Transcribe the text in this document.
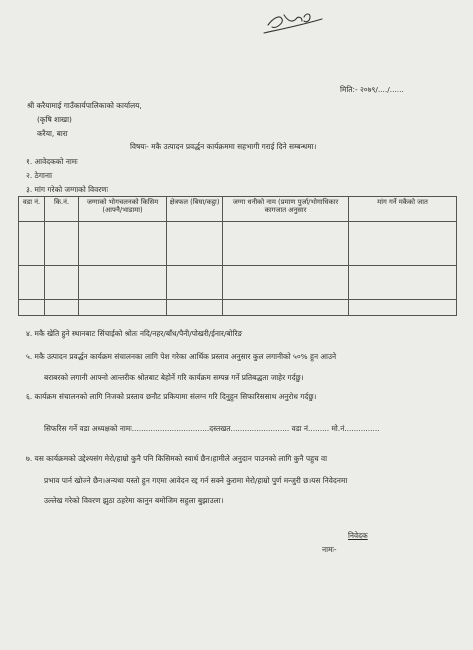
मिति:- २०७९/..../......
श्री करैयामाई गाउँकार्यपालिकाको कार्यालय,
(कृषि शाखा)
करैया, बारा
विषयः- मकै उत्पादन प्रवर्द्धन कार्यक्रममा सहभागी गराई दिने सम्बन्धमा।
१. आवेदकको नामः
२. ठेगानाः
३. मांग गरेको जग्गाको विवरणः
वडा नं.	कि.नं.	जग्गाको भोगचलनको किसिम (आफ्नै/भाडामा)	क्षेत्रफल (बिघा/कट्ठा)	जग्गा धनीको नाम (प्रमाण पुर्जा/भोगाधिकार कागजात अनुसार	मांग गर्ने मकैको जात

४. मकै खेति हुने स्थानबाट सिंचाईको श्रोतः नदि/नहर/बाँध/पैनी/पोखरी/ईनार/बोरिङ
५. मकै उत्पादन प्रवर्द्धन कार्यक्रम संचालनका लागि पेश गरेका आर्थिक प्रस्ताव अनुसार कुल लगानीको ५०% हुन आउने
बराबरको लगानी आफ्नो आन्तरीक श्रोतबाट बेहोर्ने गरि कार्यक्रम सम्पन्न गर्ने प्रतिबद्धता जाहेर गर्दछु।
६. कार्यक्रम संचालनको लागि निजको प्रस्ताव छनौट प्रकियामा संलग्न गरि दिनुहुन सिफारिससाथ अनुरोध गर्दछु।
सिफरिस गर्ने वडा अध्यक्षको नामः.................................दस्तखत......................... वडा नं......... मो.नं...............
७. यस कार्यक्रमको उद्देश्यसंग मेरो/हाम्रो कुनै पनि किसिमको स्वार्थ छैन।हामीले अनुदान पाउनको लागि कुनै पहुच वा
प्रभाव पार्न खोज्ने छैन।अन्यथा यस्तो हुन गएमा आवेदन रद्द गर्न सक्ने कुरामा मेरो/हाम्रो पुर्ण मन्जुरी छ।यस निवेदनमा
उल्लेख गरेको विवरण झुठा ठहरेमा कानुन बमोजिम सहुला बुझाउला।
निवेदक
नामः-
